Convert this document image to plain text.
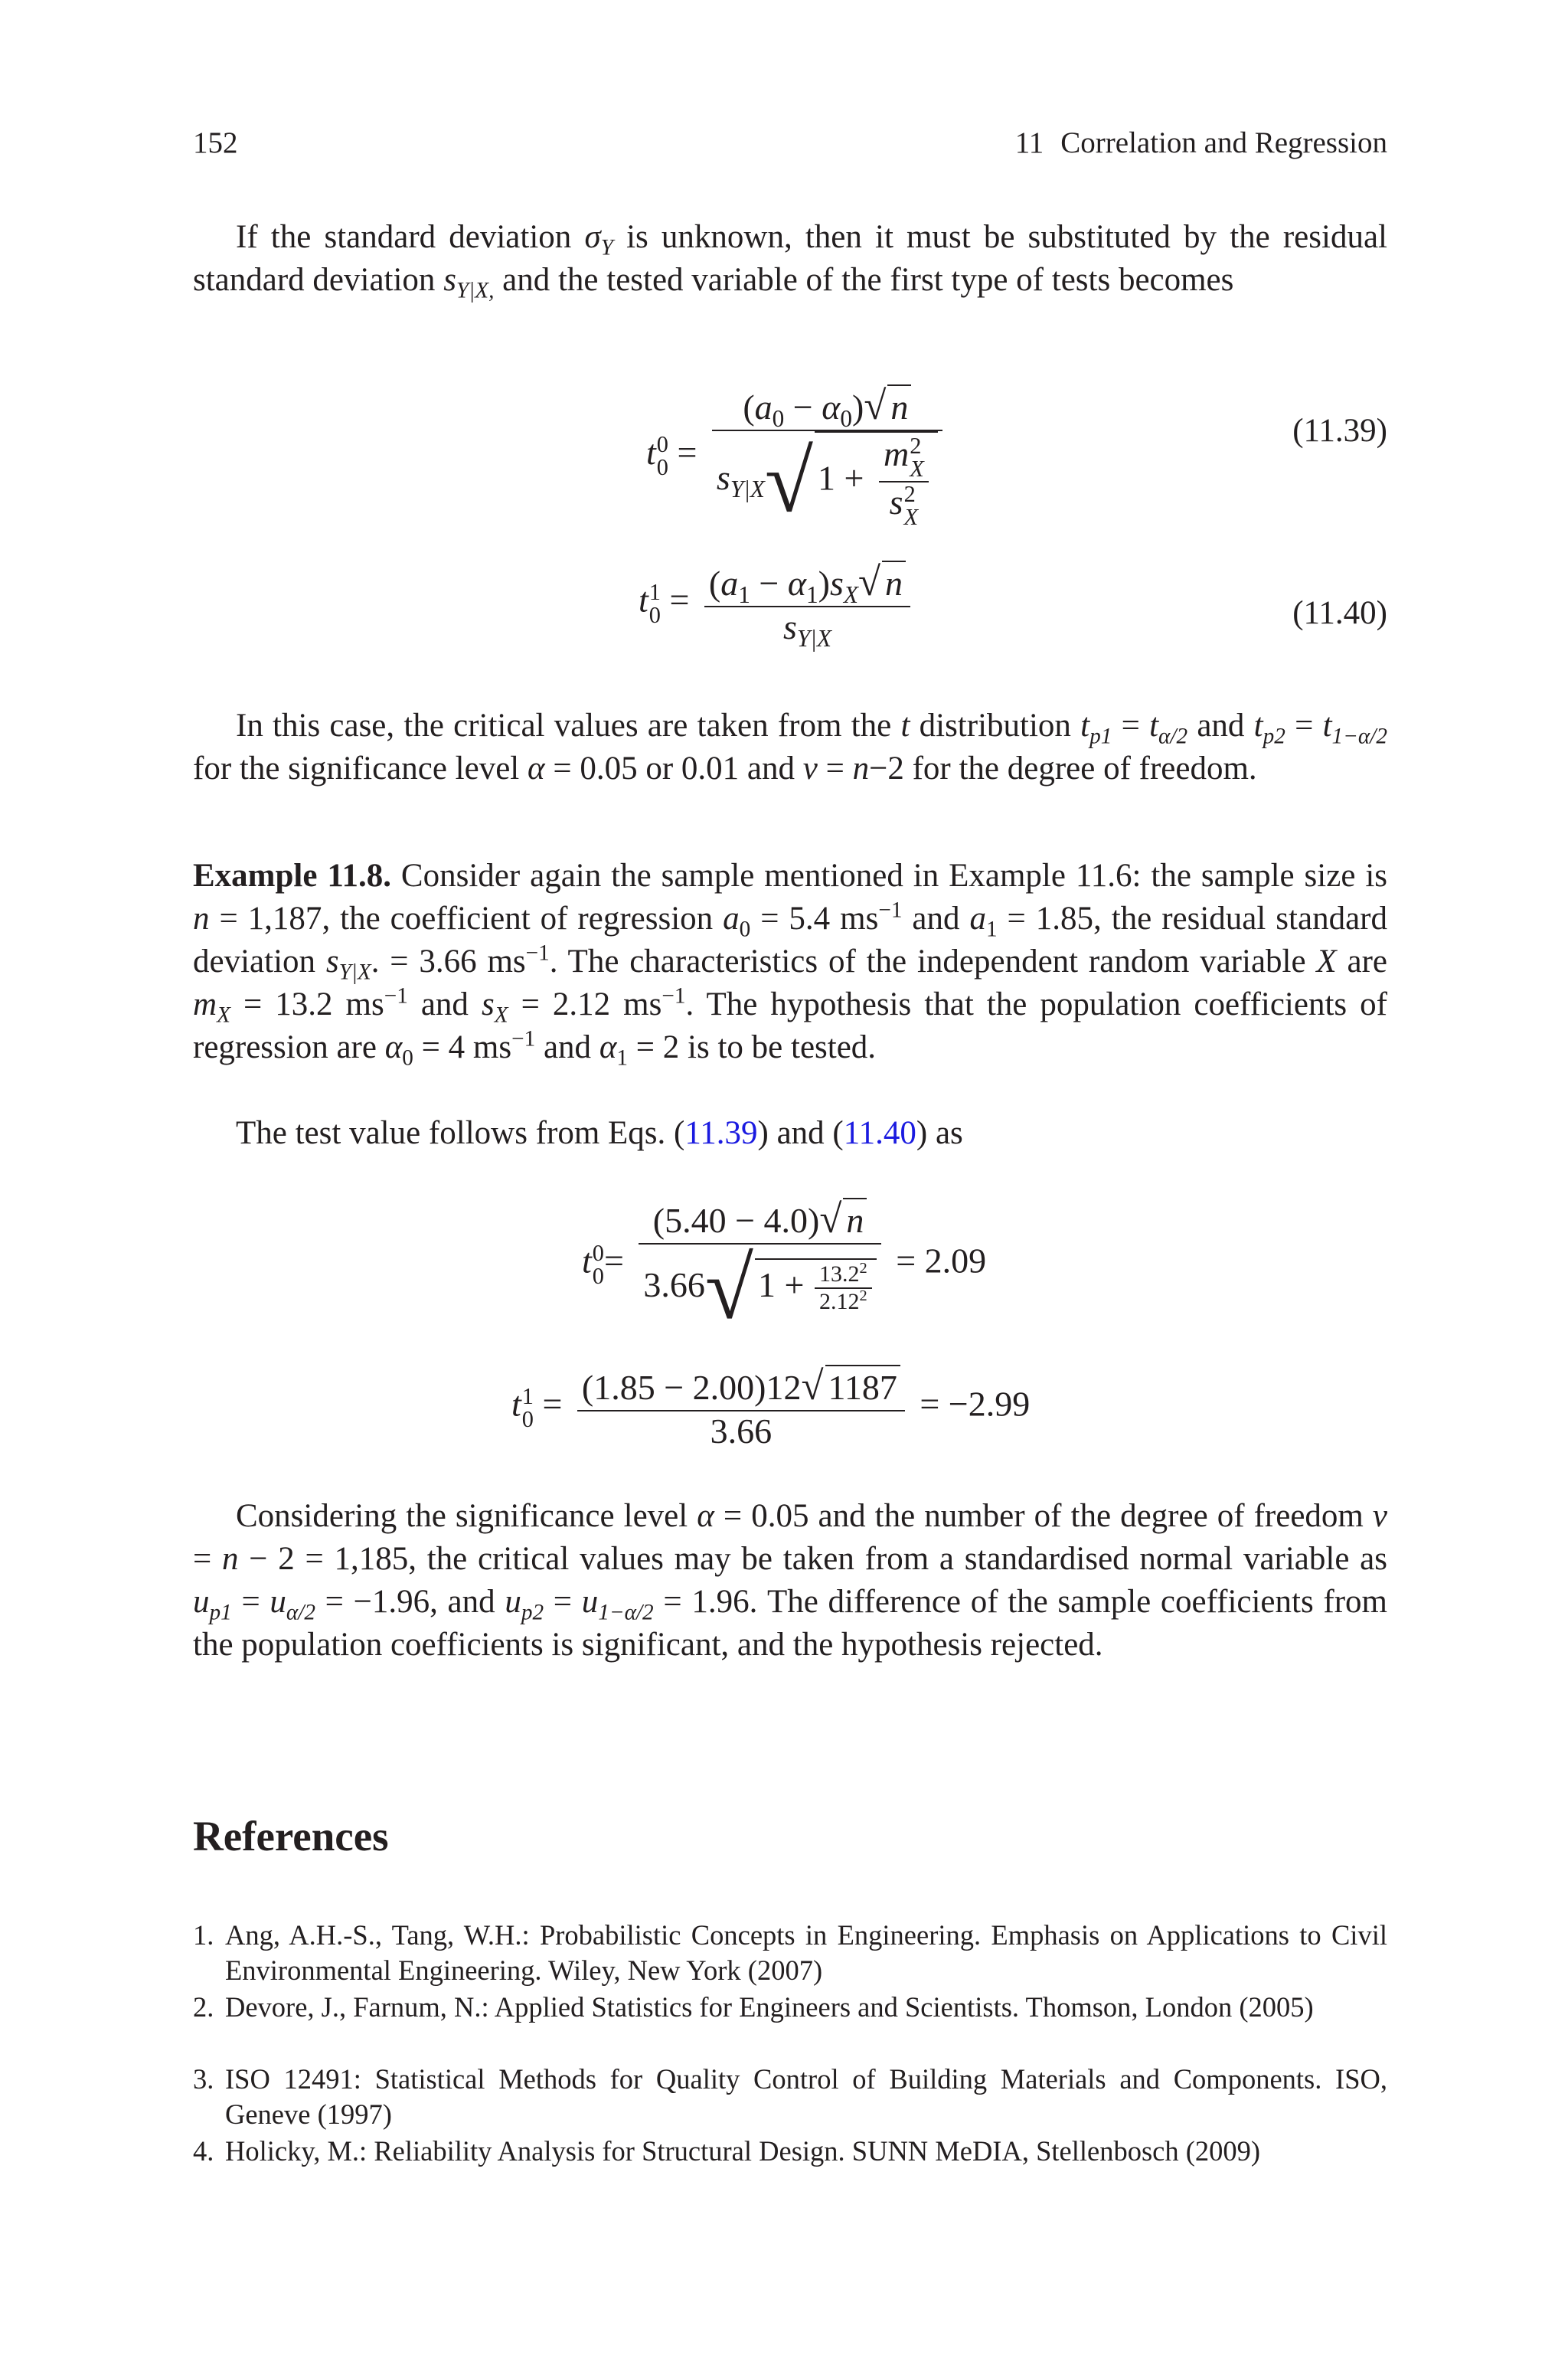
152	11 Correlation and Regression
If the standard deviation $\sigma_Y$ is unknown, then it must be substituted by the residual standard deviation $s_{Y|X,}$ and the tested variable of the first type of tests becomes
t 0
$0 = (a_0 - \alpha_0)√$ n
$s_{Y|X}√$ 1 + m 2
X
s 2
X	(11.39)
t 1
$0 = \frac{(a_1 - \alpha_1)s_X√ n}{s_{Y|X}}$	(11.40)
In this case, the critical values are taken from the t distribution $t_{p1} = t_{\alpha/2}$ and $t_{p2} = t_{1-\alpha/2}$ for the significance level α = 0.05 or 0.01 and ν = n−2 for the degree of freedom.
Example 11.8. Consider again the sample mentioned in Example 11.6: the sample size is n = 1,187, the coefficient of regression $a_0 = 5.4$ $ms^{-1}$ and $a_1 = 1.85$, the residual standard deviation $s_{Y|X}$. = 3.66 $ms^{-1}$. The characteristics of the independent random variable X are $m_X = 13.2$ $ms^{-1}$ and $s_X = 2.12$ $ms^{-1}$. The hypothesis that the population coefficients of regression are $\alpha_0 = 4$ $ms^{-1}$ and $\alpha_1 = 2$ is to be tested.
The test value follows from Eqs. (11.39) and (11.40) as
t 0
$0 = \frac{(5.40 - 4.0)√ n}{3.66√ 1 + \frac{13.2^2}{2.12^2}} = 2.09$
t 1
$0 = \frac{(1.85 - 2.00)12√ 1187}{3.66} = -2.99$
Considering the significance level α = 0.05 and the number of the degree of freedom ν = n − 2 = 1,185, the critical values may be taken from a standardised normal variable as $u_{p1} = u_{\alpha/2} = -1.96$, and $u_{p2} = u_{1-\alpha/2} = 1.96$. The difference of the sample coefficients from the population coefficients is significant, and the hypothesis rejected.
References
1. Ang, A.H.-S., Tang, W.H.: Probabilistic Concepts in Engineering. Emphasis on Applications to Civil Environmental Engineering. Wiley, New York (2007)
2. Devore, J., Farnum, N.: Applied Statistics for Engineers and Scientists. Thomson, London (2005)
3. ISO 12491: Statistical Methods for Quality Control of Building Materials and Components. ISO, Geneve (1997)
4. Holicky, M.: Reliability Analysis for Structural Design. SUNN MeDIA, Stellenbosch (2009)
